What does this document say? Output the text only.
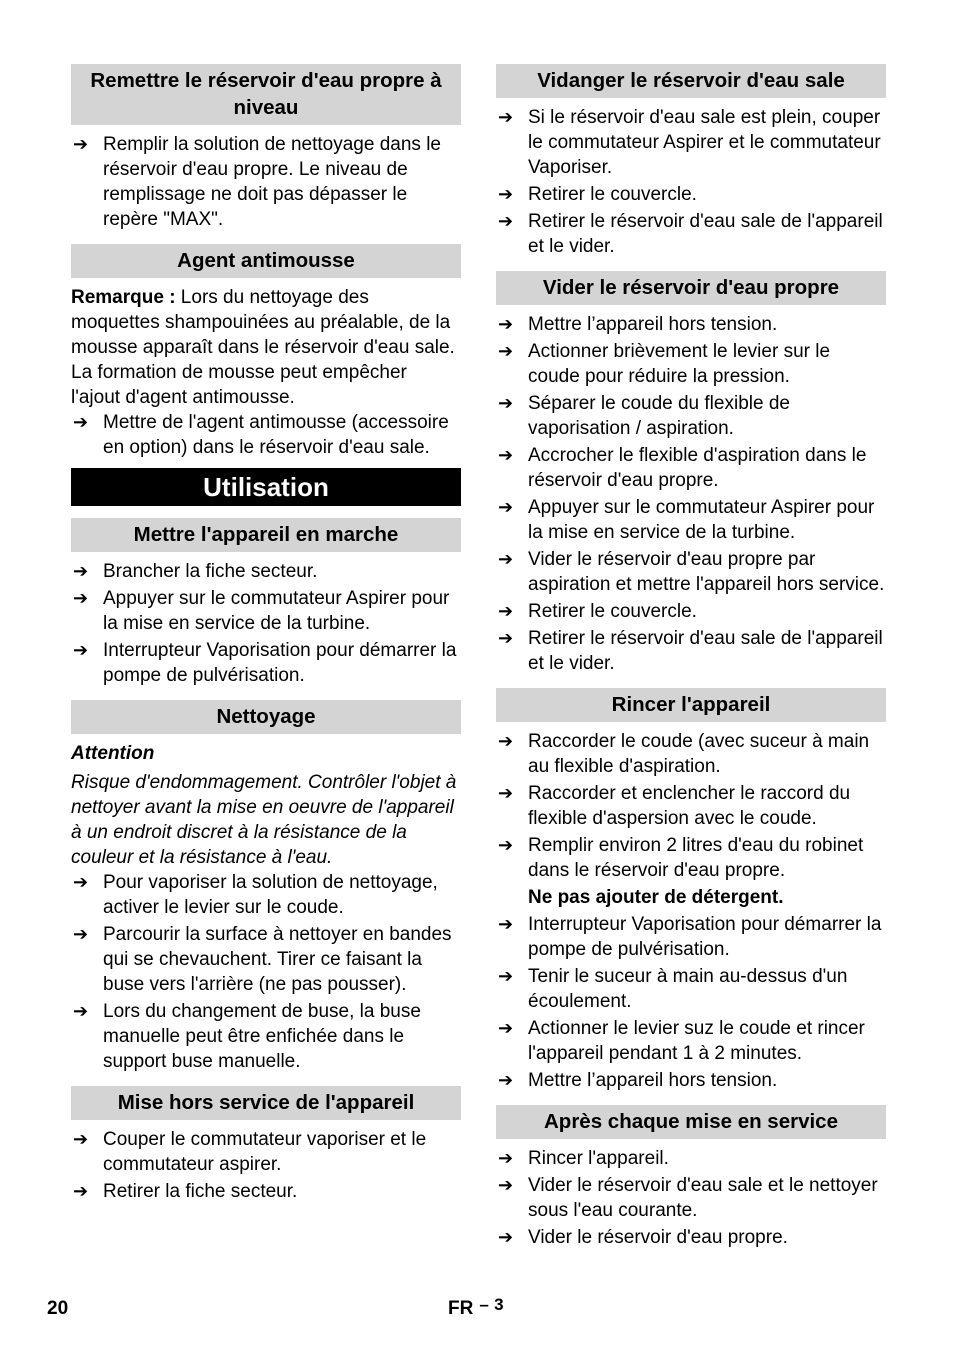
Remettre le réservoir d'eau propre à niveau
➔ Remplir la solution de nettoyage dans le réservoir d'eau propre. Le niveau de remplissage ne doit pas dépasser le repère "MAX".
Agent antimousse

Remarque : Lors du nettoyage des moquettes shampouinées au préalable, de la mousse apparaît dans le réservoir d'eau sale. La formation de mousse peut empêcher l'ajout d'agent antimousse.

➔ Mettre de l'agent antimousse (accessoire en option) dans le réservoir d'eau sale.
Utilisation
Mettre l'appareil en marche
➔ Brancher la fiche secteur.
➔ Appuyer sur le commutateur Aspirer pour la mise en service de la turbine.
➔ Interrupteur Vaporisation pour démarrer la pompe de pulvérisation.
Nettoyage
Attention

Risque d'endommagement. Contrôler l'objet à nettoyer avant la mise en oeuvre de l'appareil à un endroit discret à la résistance de la couleur et la résistance à l'eau.

➔ Pour vaporiser la solution de nettoyage, activer le levier sur le coude.
➔ Parcourir la surface à nettoyer en bandes qui se chevauchent. Tirer ce faisant la buse vers l'arrière (ne pas pousser).
➔ Lors du changement de buse, la buse manuelle peut être enfichée dans le support buse manuelle.
Mise hors service de l'appareil
➔ Couper le commutateur vaporiser et le commutateur aspirer.
➔ Retirer la fiche secteur.
Vidanger le réservoir d'eau sale
➔ Si le réservoir d'eau sale est plein, couper le commutateur Aspirer et le commutateur Vaporiser.
➔ Retirer le couvercle.
➔ Retirer le réservoir d'eau sale de l'appareil et le vider.
Vider le réservoir d'eau propre
➔ Mettre l’appareil hors tension.
➔ Actionner brièvement le levier sur le coude pour réduire la pression.
➔ Séparer le coude du flexible de vaporisation / aspiration.
➔ Accrocher le flexible d'aspiration dans le réservoir d'eau propre.
➔ Appuyer sur le commutateur Aspirer pour la mise en service de la turbine.
➔ Vider le réservoir d'eau propre par aspiration et mettre l'appareil hors service.
➔ Retirer le couvercle.
➔ Retirer le réservoir d'eau sale de l'appareil et le vider.
Rincer l'appareil
➔ Raccorder le coude (avec suceur à main au flexible d'aspiration.
➔ Raccorder et enclencher le raccord du flexible d'aspersion avec le coude.
➔ Remplir environ 2 litres d'eau du robinet dans le réservoir d'eau propre.

Ne pas ajouter de détergent.

➔ Interrupteur Vaporisation pour démarrer la pompe de pulvérisation.
➔ Tenir le suceur à main au-dessus d'un écoulement.
➔ Actionner le levier suz le coude et rincer l'appareil pendant 1 à 2 minutes.
➔ Mettre l’appareil hors tension.
Après chaque mise en service
➔ Rincer l'appareil.
➔ Vider le réservoir d'eau sale et le nettoyer sous l'eau courante.
➔ Vider le réservoir d'eau propre.
20	FR – 3
